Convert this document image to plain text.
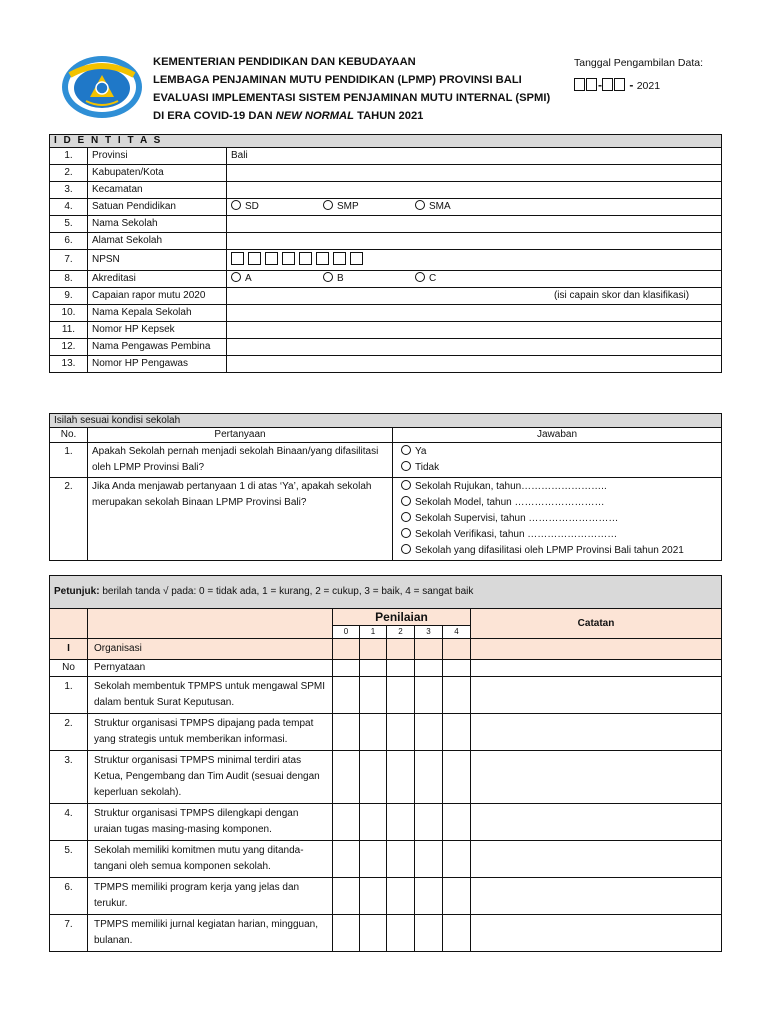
KEMENTERIAN PENDIDIKAN DAN KEBUDAYAAN
LEMBAGA PENJAMINAN MUTU PENDIDIKAN (LPMP) PROVINSI BALI
EVALUASI IMPLEMENTASI SISTEM PENJAMINAN MUTU INTERNAL (SPMI)
DI ERA COVID-19 DAN NEW NORMAL TAHUN 2021
Tanggal Pengambilan Data:
- - 2021
I D E N T I T A S		
1.	Provinsi	Bali
2.	Kabupaten/Kota	
3.	Kecamatan	
4.	Satuan Pendidikan	SD SMP SMA
5.	Nama Sekolah	
6.	Alamat Sekolah	
7.	NPSN	
8.	Akreditasi	A B C
9.	Capaian rapor mutu 2020	(isi capain skor dan klasifikasi)

10.	Nama Kepala Sekolah	
11.	Nomor HP Kepsek	
12.	Nama Pengawas Pembina	
13.	Nomor HP Pengawas	
Isilah sesuai kondisi sekolah		
No.	Pertanyaan	Jawaban
1.	Apakah Sekolah pernah menjadi sekolah Binaan/yang difasilitasi oleh LPMP Provinsi Bali?	Ya
Tidak

2.	Jika Anda menjawab pertanyaan 1 di atas ‘Ya’, apakah sekolah merupakan sekolah Binaan LPMP Provinsi Bali?	Sekolah Rujukan, tahun……………………..
Sekolah Model, tahun ………………………
Sekolah Supervisi, tahun ………………………
Sekolah Verifikasi, tahun ………………………
Sekolah yang difasilitasi oleh LPMP Provinsi Bali tahun 2021
Petunjuk: berilah tanda √ pada: 0 = tidak ada, 1 = kurang, 2 = cukup, 3 = baik, 4 = sangat baik							
		Penilaian					Catatan
		0	1	2	3	4	
I	Organisasi						
No	Pernyataan						
1.	Sekolah membentuk TPMPS untuk mengawal SPMI dalam bentuk Surat Keputusan.						
2.	Struktur organisasi TPMPS dipajang pada tempat yang strategis untuk memberikan informasi.						
3.	Struktur organisasi TPMPS minimal terdiri atas Ketua, Pengembang dan Tim Audit (sesuai dengan keperluan sekolah).						
4.	Struktur organisasi TPMPS dilengkapi dengan uraian tugas masing-masing komponen.						
5.	Sekolah memiliki komitmen mutu yang ditanda-tangani oleh semua komponen sekolah.						
6.	TPMPS memiliki program kerja yang jelas dan terukur.						
7.	TPMPS memiliki jurnal kegiatan harian, mingguan, bulanan.						
